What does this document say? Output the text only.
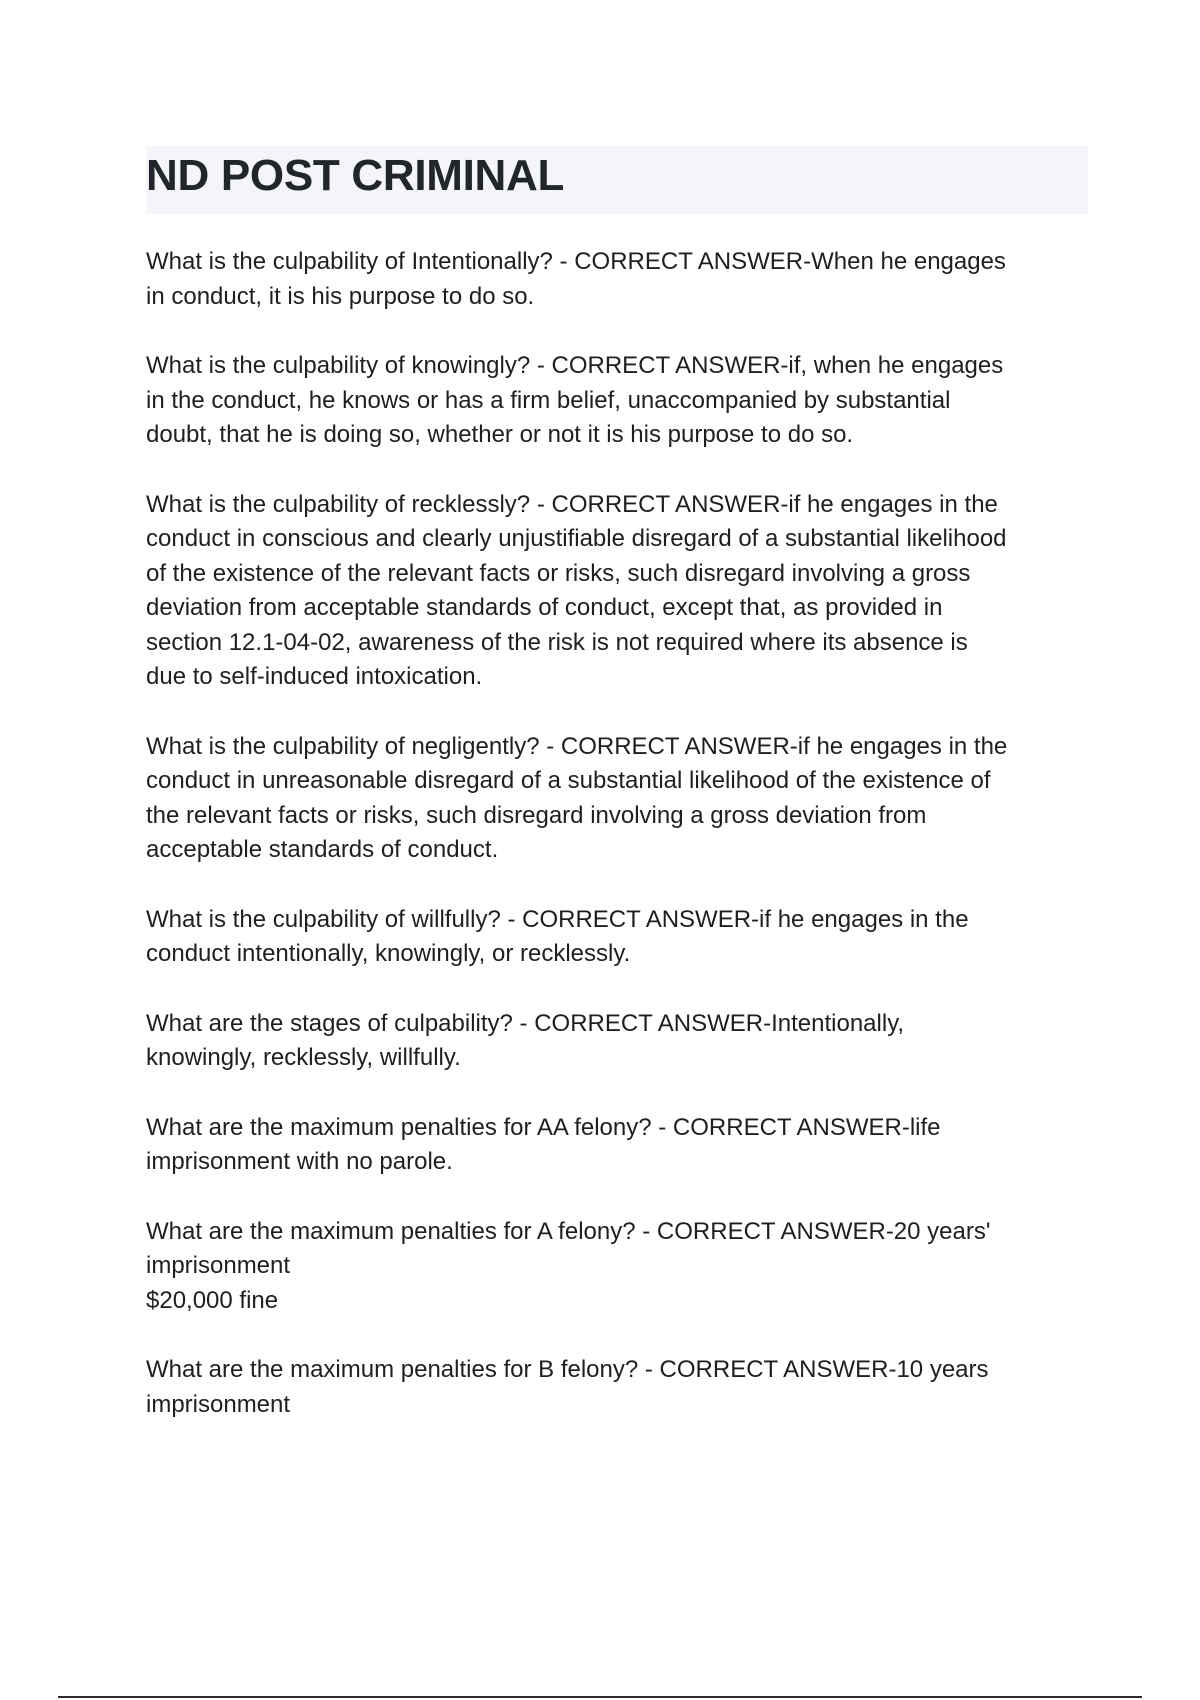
ND POST CRIMINAL

What is the culpability of Intentionally? - CORRECT ANSWER-When he engages
in conduct, it is his purpose to do so.

What is the culpability of knowingly? - CORRECT ANSWER-if, when he engages
in the conduct, he knows or has a firm belief, unaccompanied by substantial
doubt, that he is doing so, whether or not it is his purpose to do so.

What is the culpability of recklessly? - CORRECT ANSWER-if he engages in the
conduct in conscious and clearly unjustifiable disregard of a substantial likelihood
of the existence of the relevant facts or risks, such disregard involving a gross
deviation from acceptable standards of conduct, except that, as provided in
section 12.1-04-02, awareness of the risk is not required where its absence is
due to self-induced intoxication.

What is the culpability of negligently? - CORRECT ANSWER-if he engages in the
conduct in unreasonable disregard of a substantial likelihood of the existence of
the relevant facts or risks, such disregard involving a gross deviation from
acceptable standards of conduct.

What is the culpability of willfully? - CORRECT ANSWER-if he engages in the
conduct intentionally, knowingly, or recklessly.

What are the stages of culpability? - CORRECT ANSWER-Intentionally,
knowingly, recklessly, willfully.

What are the maximum penalties for AA felony? - CORRECT ANSWER-life
imprisonment with no parole.

What are the maximum penalties for A felony? - CORRECT ANSWER-20 years'
imprisonment
$20,000 fine

What are the maximum penalties for B felony? - CORRECT ANSWER-10 years
imprisonment
